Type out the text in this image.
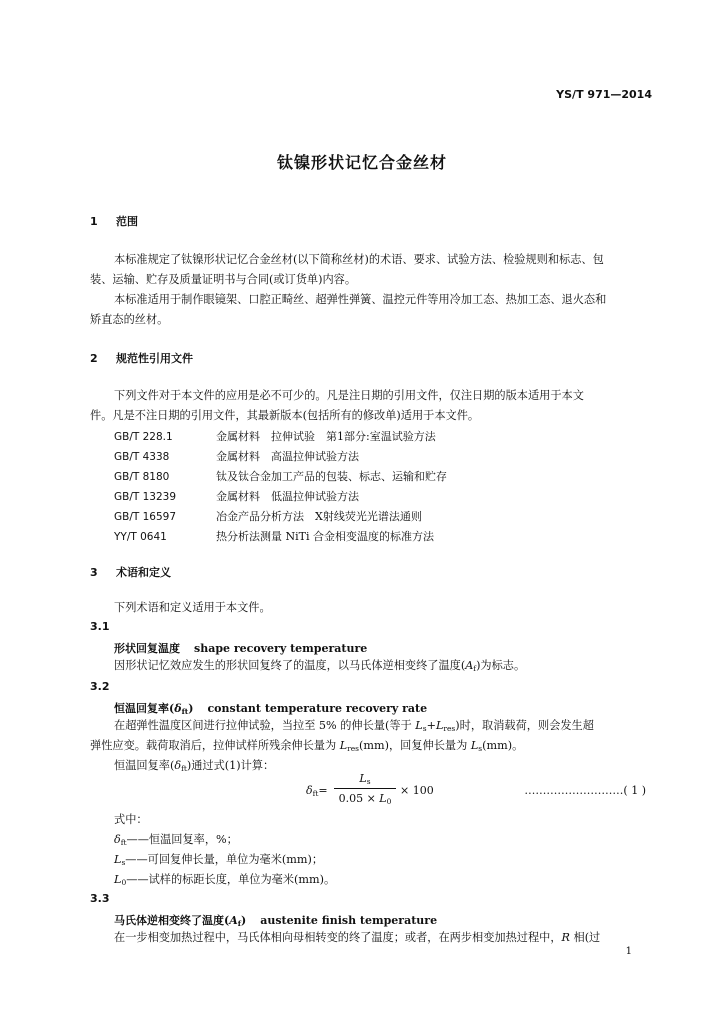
YS/T 971—2014
钛镍形状记忆合金丝材
1 范围
本标准规定了钛镍形状记忆合金丝材(以下简称丝材)的术语、要求、试验方法、检验规则和标志、包
装、运输、贮存及质量证明书与合同(或订货单)内容。
本标准适用于制作眼镜架、口腔正畸丝、超弹性弹簧、温控元件等用冷加工态、热加工态、退火态和
矫直态的丝材。
2 规范性引用文件
下列文件对于本文件的应用是必不可少的。凡是注日期的引用文件，仅注日期的版本适用于本文
件。凡是不注日期的引用文件，其最新版本(包括所有的修改单)适用于本文件。
GB/T 228.1	金属材料　拉伸试验　第1部分:室温试验方法
GB/T 4338	金属材料　高温拉伸试验方法
GB/T 8180	钛及钛合金加工产品的包装、标志、运输和贮存
GB/T 13239	金属材料　低温拉伸试验方法
GB/T 16597	冶金产品分析方法　X射线荧光光谱法通则
YY/T 0641	热分析法测量 NiTi 合金相变温度的标准方法
3 术语和定义
下列术语和定义适用于本文件。
3.1
形状回复温度 shape recovery temperature
因形状记忆效应发生的形状回复终了的温度，以马氏体逆相变终了温度$(A_f)$为标志。
3.2
恒温回复率$(\delta_{ft})$ constant temperature recovery rate
在超弹性温度区间进行拉伸试验，当拉至 5% 的伸长量(等于 $L_s+L_{res}$)时，取消载荷，则会发生超
弹性应变。载荷取消后，拉伸试样所残余伸长量为 $L_{res}(mm)$，回复伸长量为 $L_s(mm)$。
恒温回复率$(\delta_{ft})$通过式(1)计算：
$\delta_{ft}=$
$L_s$
$0.05 \times L_0$
× 100	………………………( 1 )
式中：
$\delta_{ft}——$恒温回复率，%；
$L_s——$可回复伸长量，单位为毫米(mm)；
$L_0——$试样的标距长度，单位为毫米(mm)。
3.3
马氏体逆相变终了温度$(A_f)$ austenite finish temperature
在一步相变加热过程中，马氏体相向母相转变的终了温度；或者，在两步相变加热过程中，R 相(过
1
